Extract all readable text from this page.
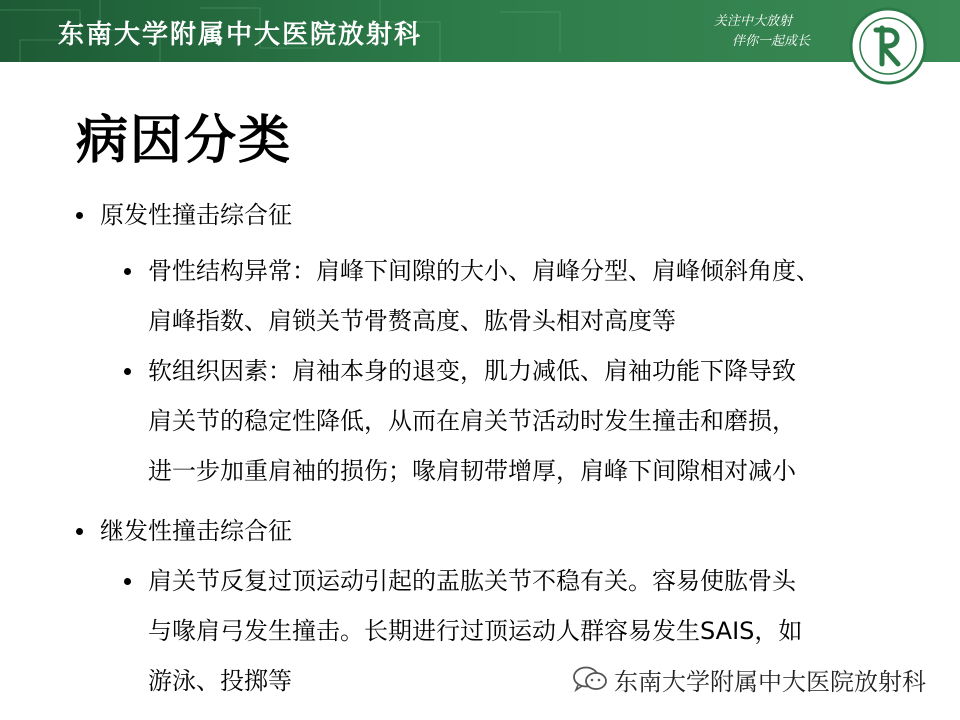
东南大学附属中大医院放射科	关注中大放射
伴你一起成长
病因分类
原发性撞击综合征
骨性结构异常：肩峰下间隙的大小、肩峰分型、肩峰倾斜角度、
肩峰指数、肩锁关节骨赘高度、肱骨头相对高度等
软组织因素：肩袖本身的退变，肌力减低、肩袖功能下降导致
肩关节的稳定性降低，从而在肩关节活动时发生撞击和磨损，
进一步加重肩袖的损伤；喙肩韧带增厚，肩峰下间隙相对减小
继发性撞击综合征
肩关节反复过顶运动引起的盂肱关节不稳有关。容易使肱骨头
与喙肩弓发生撞击。长期进行过顶运动人群容易发生SAIS，如
游泳、投掷等	东南大学附属中大医院放射科
